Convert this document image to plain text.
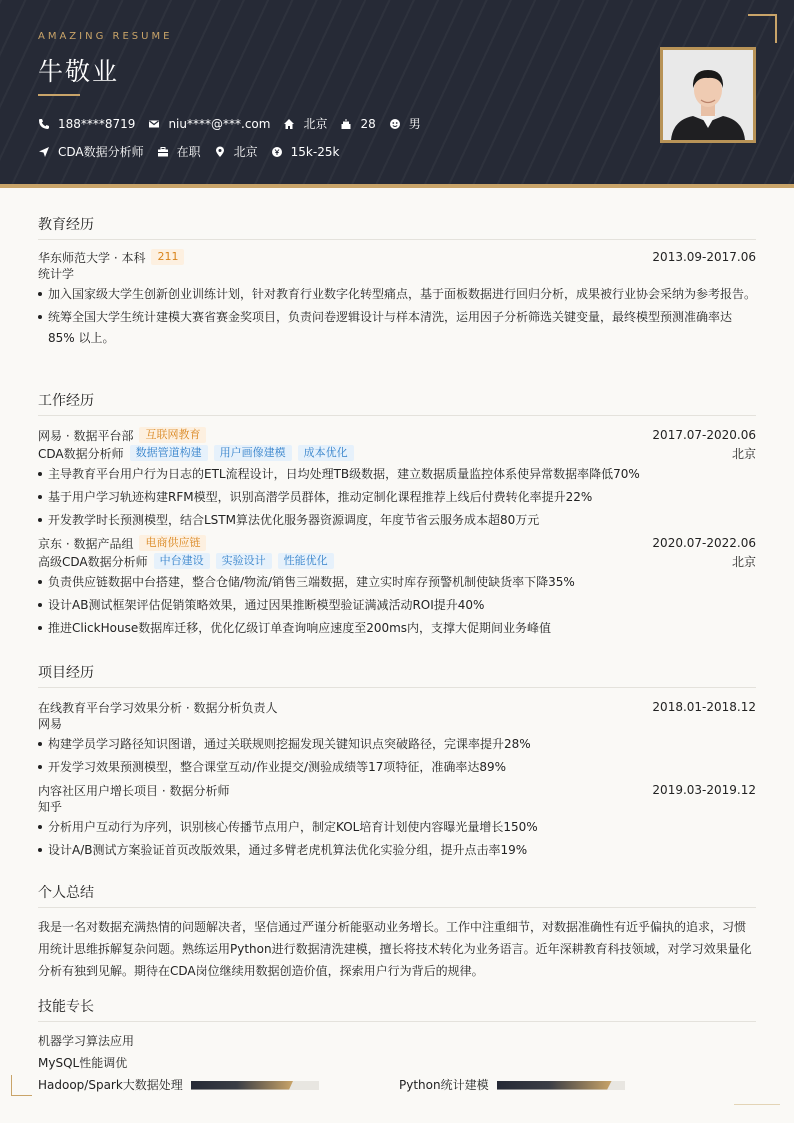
AMAZING RESUME
牛敬业
188****8719	niu****@***.com	北京	28	男
CDA数据分析师	在职	北京	15k-25k
教育经历
华东师范大学 · 本科	211	2013.09-2017.06
统计学
加入国家级大学生创新创业训练计划，针对教育行业数字化转型痛点，基于面板数据进行回归分析，成果被行业协会采纳为参考报告。
统筹全国大学生统计建模大赛省赛金奖项目，负责问卷逻辑设计与样本清洗，运用因子分析筛选关键变量，最终模型预测准确率达85% 以上。
工作经历
网易 · 数据平台部	互联网教育	2017.07-2020.06
CDA数据分析师	数据管道构建	用户画像建模	成本优化	北京
主导教育平台用户行为日志的ETL流程设计，日均处理TB级数据，建立数据质量监控体系使异常数据率降低70%
基于用户学习轨迹构建RFM模型，识别高潜学员群体，推动定制化课程推荐上线后付费转化率提升22%
开发教学时长预测模型，结合LSTM算法优化服务器资源调度，年度节省云服务成本超80万元
京东 · 数据产品组	电商供应链	2020.07-2022.06
高级CDA数据分析师	中台建设	实验设计	性能优化	北京
负责供应链数据中台搭建，整合仓储/物流/销售三端数据，建立实时库存预警机制使缺货率下降35%
设计AB测试框架评估促销策略效果，通过因果推断模型验证满减活动ROI提升40%
推进ClickHouse数据库迁移，优化亿级订单查询响应速度至200ms内，支撑大促期间业务峰值
项目经历
在线教育平台学习效果分析 · 数据分析负责人	2018.01-2018.12
网易
构建学员学习路径知识图谱，通过关联规则挖掘发现关键知识点突破路径，完课率提升28%
开发学习效果预测模型，整合课堂互动/作业提交/测验成绩等17项特征，准确率达89%
内容社区用户增长项目 · 数据分析师	2019.03-2019.12
知乎
分析用户互动行为序列，识别核心传播节点用户，制定KOL培育计划使内容曝光量增长150%
设计A/B测试方案验证首页改版效果，通过多臂老虎机算法优化实验分组，提升点击率19%
个人总结
我是一名对数据充满热情的问题解决者，坚信通过严谨分析能驱动业务增长。工作中注重细节，对数据准确性有近乎偏执的追求，习惯用统计思维拆解复杂问题。熟练运用Python进行数据清洗建模，擅长将技术转化为业务语言。近年深耕教育科技领域，对学习效果量化分析有独到见解。期待在CDA岗位继续用数据创造价值，探索用户行为背后的规律。
技能专长
机器学习算法应用
MySQL性能调优
Hadoop/Spark大数据处理	Python统计建模
